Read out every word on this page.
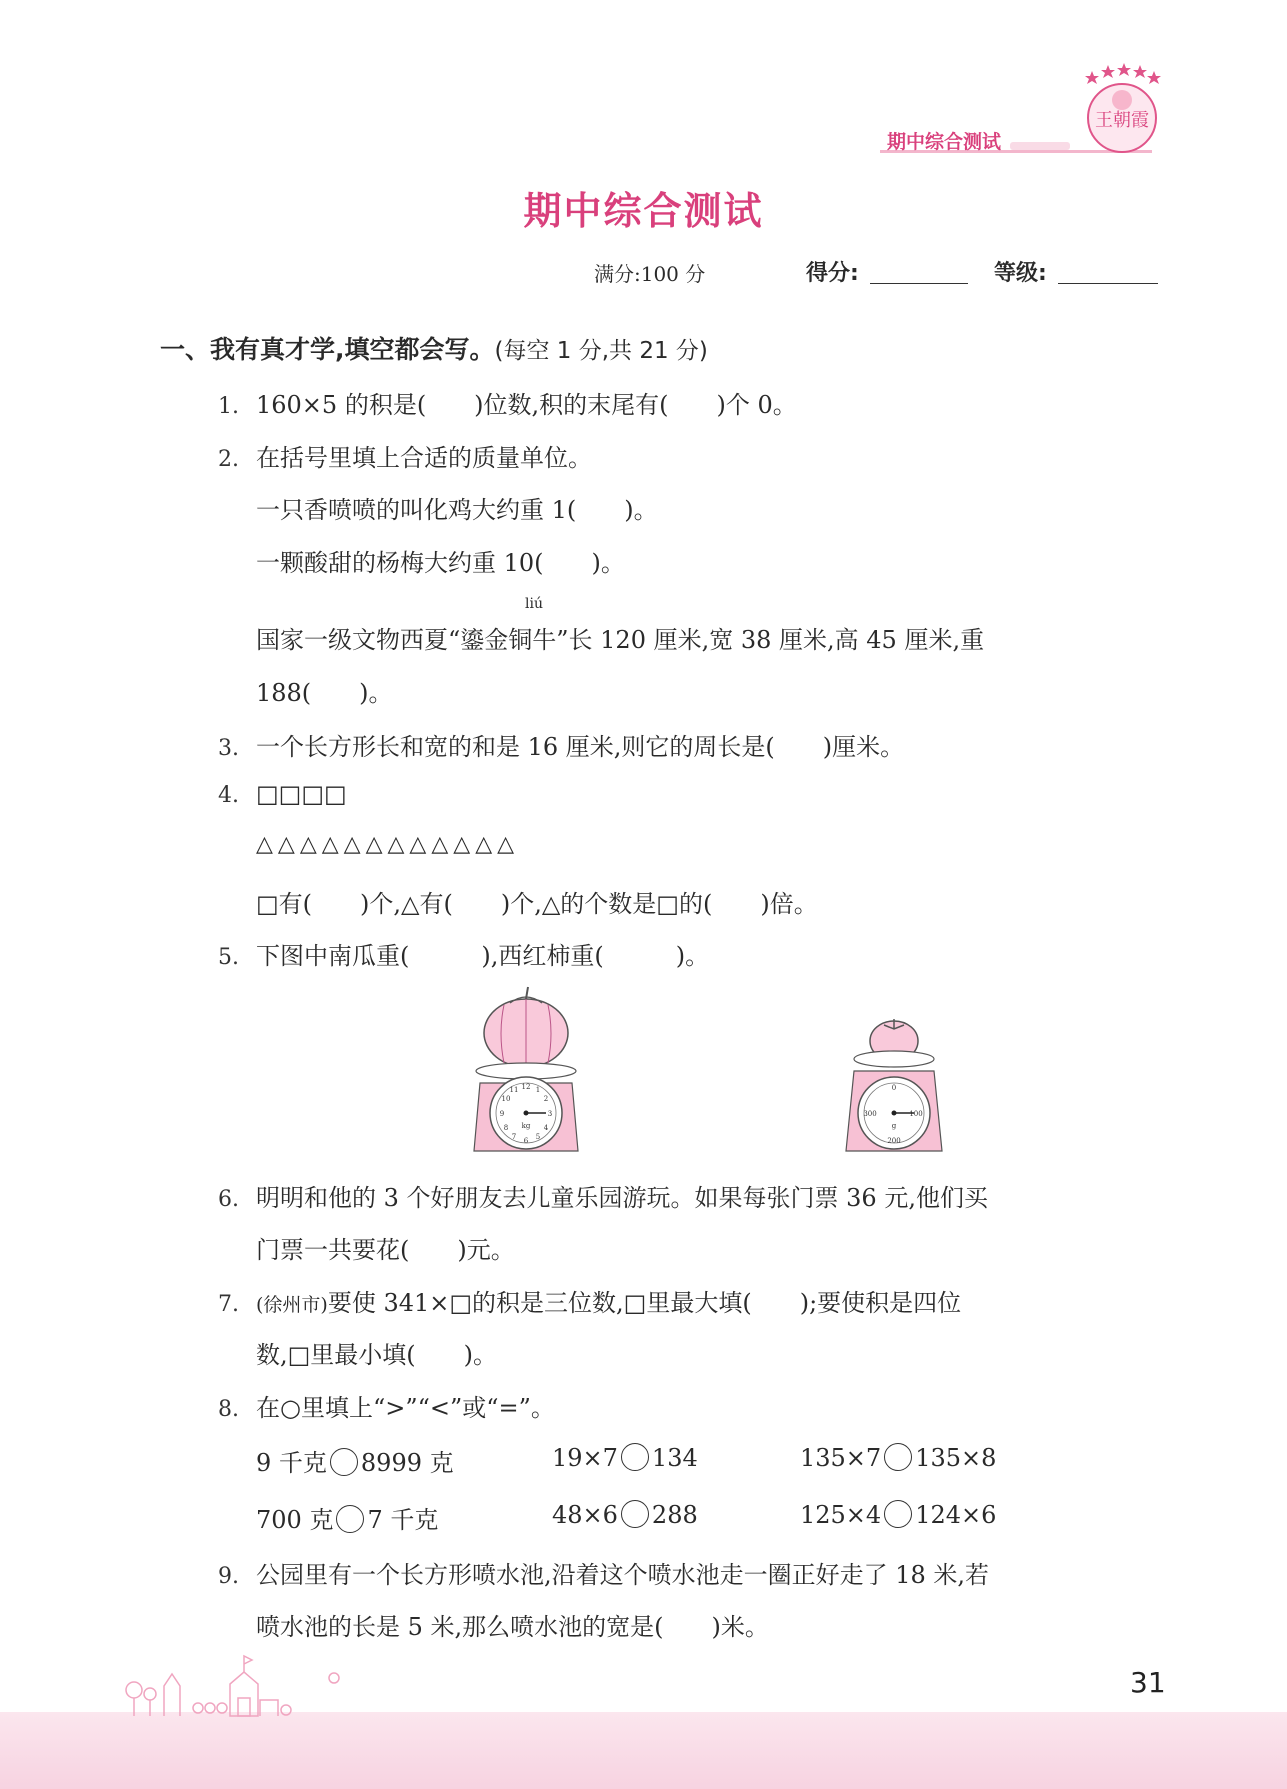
期中综合测试
王朝霞
期中综合测试
满分:100 分	得分:	等级:
一、我有真才学,填空都会写。(每空 1 分,共 21 分)
1. 160×5 的积是(　　)位数,积的末尾有(　　)个 0。
2. 在括号里填上合适的质量单位。
一只香喷喷的叫化鸡大约重 1(　　)。
一颗酸甜的杨梅大约重 10(　　)。
liú
国家一级文物西夏“鎏金铜牛”长 120 厘米,宽 38 厘米,高 45 厘米,重
188(　　)。
3. 一个长方形长和宽的和是 16 厘米,则它的周长是(　　)厘米。
4. □□□□
△△△△△△△△△△△△
□有(　　)个,△有(　　)个,△的个数是□的(　　)倍。
5. 下图中南瓜重(　　　),西红柿重(　　　)。
12 1
2
3
4
5
6
7
8
9
10
11
kg
0
100
200
300
g
6. 明明和他的 3 个好朋友去儿童乐园游玩。如果每张门票 36 元,他们买
门票一共要花(　　)元。
7. (徐州市)要使 341×□的积是三位数,□里最大填(　　);要使积是四位
数,□里最小填(　　)。
8. 在○里填上“>”“<”或“=”。
9 千克 8999 克	19×7 134	135×7 135×8
700 克 7 千克	48×6 288	125×4 124×6
9. 公园里有一个长方形喷水池,沿着这个喷水池走一圈正好走了 18 米,若
喷水池的长是 5 米,那么喷水池的宽是(　　)米。
31
